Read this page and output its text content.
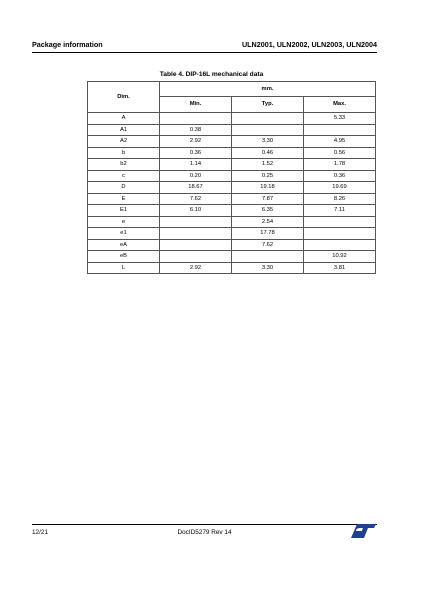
Package information	ULN2001, ULN2002, ULN2003, ULN2004
Table 4. DIP-16L mechanical data
Dim.	mm.		
	Min.	Typ.	Max.
A			5.33
A1	0.38		
A2	2.92	3.30	4.95
b	0.36	0.46	0.56
b2	1.14	1.52	1.78
c	0.20	0.25	0.36
D	18.67	19.18	19.69
E	7.62	7.87	8.26
E1	6.10	6.35	7.11
e		2.54	
e1		17.78	
eA		7.62	
eB			10.92
L	2.92	3.30	3.81
12/21	DocID5279 Rev 14
